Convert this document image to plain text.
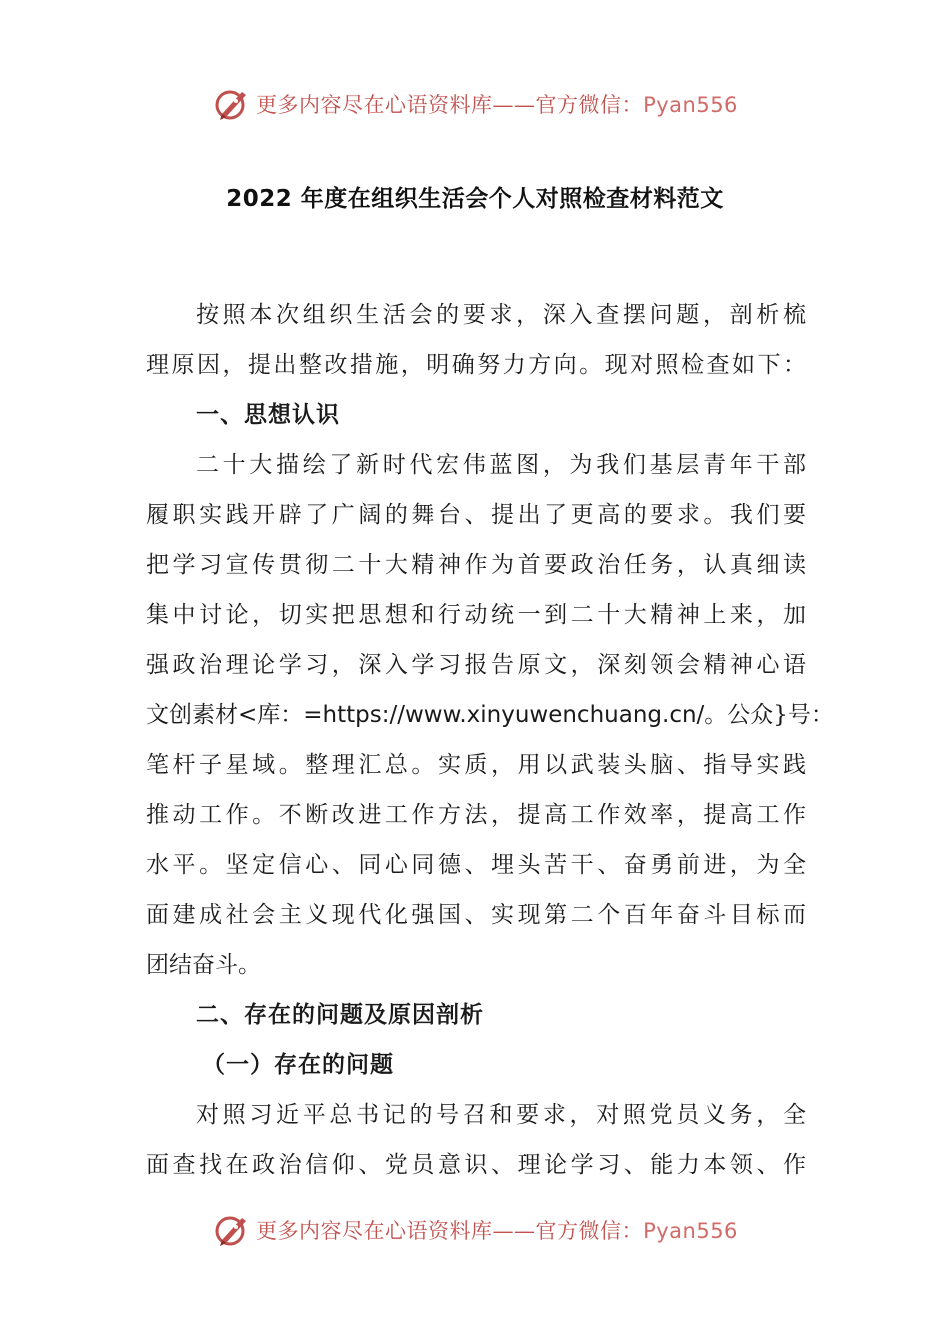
更多内容尽在心语资料库——官方微信：Pyan556
2022 年度在组织生活会个人对照检查材料范文
按照本次组织生活会的要求，深入查摆问题，剖析梳
理原因，提出整改措施，明确努力方向。现对照检查如下：
一、思想认识
二十大描绘了新时代宏伟蓝图，为我们基层青年干部
履职实践开辟了广阔的舞台、提出了更高的要求。我们要
把学习宣传贯彻二十大精神作为首要政治任务，认真细读
集中讨论，切实把思想和行动统一到二十大精神上来，加
强政治理论学习，深入学习报告原文，深刻领会精神心语
文创素材<库：=https://www.xinyuwenchuang.cn/。公众}号：
笔杆子星域。整理汇总。实质，用以武装头脑、指导实践
推动工作。不断改进工作方法，提高工作效率，提高工作
水平。坚定信心、同心同德、埋头苦干、奋勇前进，为全
面建成社会主义现代化强国、实现第二个百年奋斗目标而
团结奋斗。
二、存在的问题及原因剖析
（一）存在的问题
对照习近平总书记的号召和要求，对照党员义务，全
面查找在政治信仰、党员意识、理论学习、能力本领、作
更多内容尽在心语资料库——官方微信：Pyan556
